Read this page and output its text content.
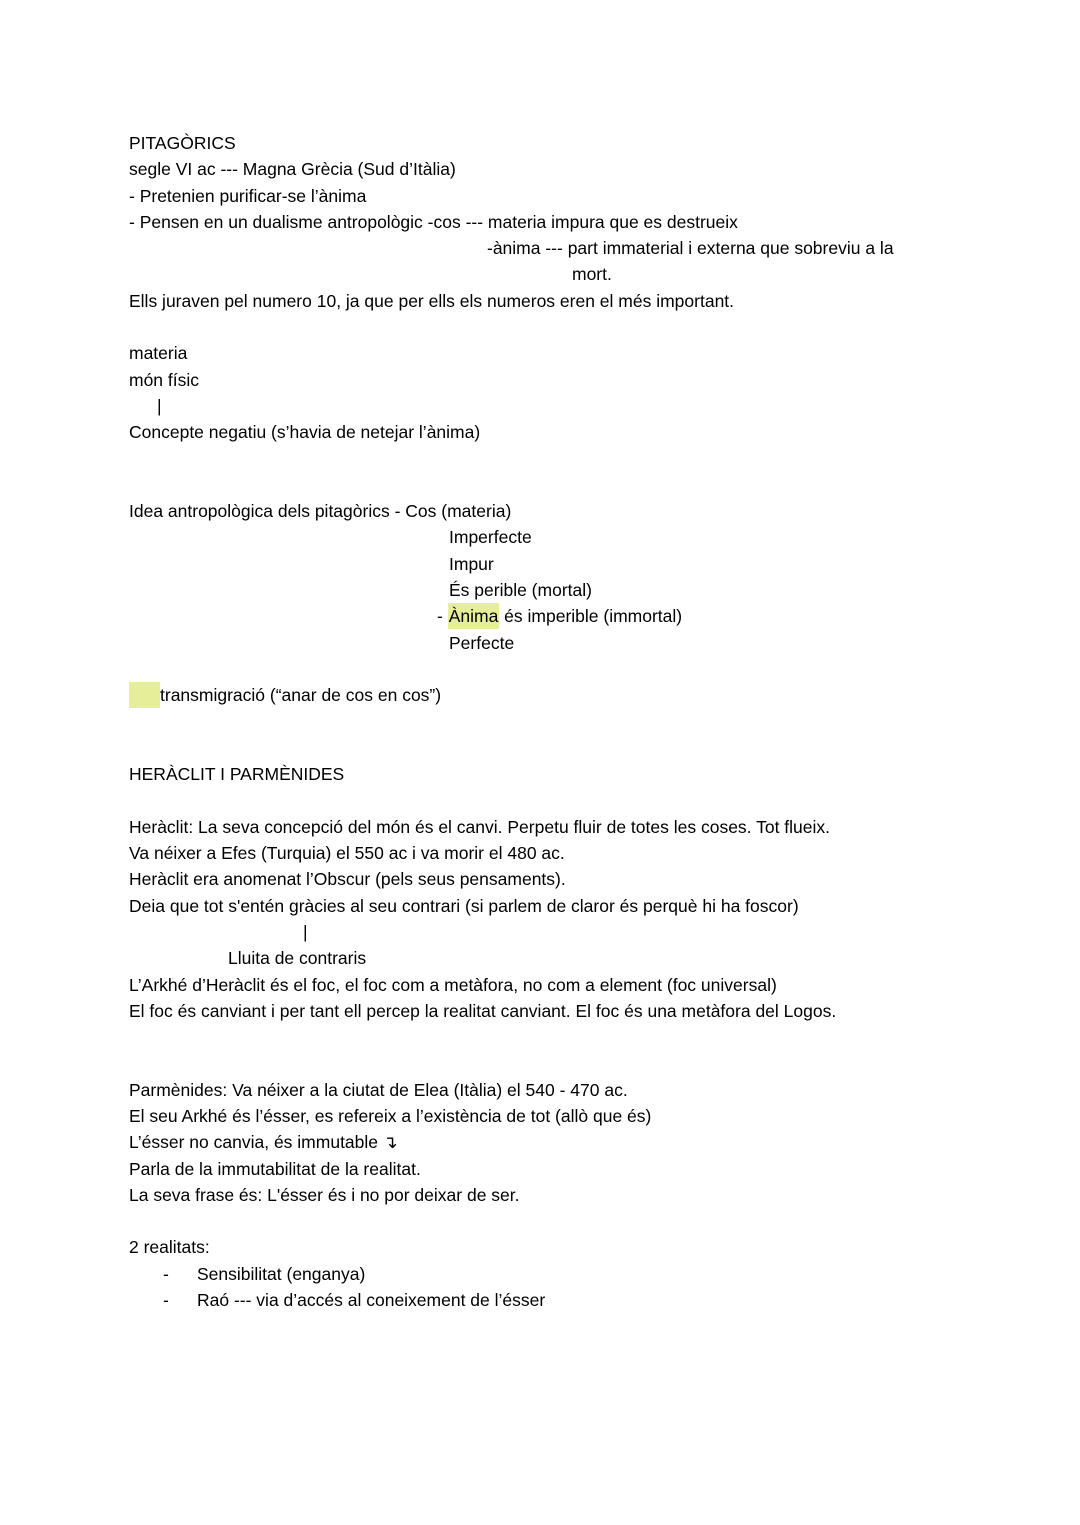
PITAGÒRICS
segle VI ac --- Magna Grècia (Sud d’Itàlia)
- Pretenien purificar-se l’ànima
- Pensen en un dualisme antropològic -cos --- materia impura que es destrueix
-ànima --- part immaterial i externa que sobreviu a la
mort.
Ells juraven pel numero 10, ja que per ells els numeros eren el més important.
materia
món físic
|
Concepte negatiu (s’havia de netejar l’ànima)
Idea antropològica dels pitagòrics - Cos (materia)
Imperfecte
Impur
És perible (mortal)
- Ànima és imperible (immortal)
Perfecte
transmigració (“anar de cos en cos”)
HERÀCLIT I PARMÈNIDES
Heràclit: La seva concepció del món és el canvi. Perpetu fluir de totes les coses. Tot flueix.
Va néixer a Efes (Turquia) el 550 ac i va morir el 480 ac.
Heràclit era anomenat l’Obscur (pels seus pensaments).
Deia que tot s'entén gràcies al seu contrari (si parlem de claror és perquè hi ha foscor)
|
Lluita de contraris
L’Arkhé d’Heràclit és el foc, el foc com a metàfora, no com a element (foc universal)
El foc és canviant i per tant ell percep la realitat canviant. El foc és una metàfora del Logos.
Parmènides: Va néixer a la ciutat de Elea (Itàlia) el 540 - 470 ac.
El seu Arkhé és l’ésser, es refereix a l’existència de tot (allò que és)
L’ésser no canvia, és immutable ↴
Parla de la immutabilitat de la realitat.
La seva frase és: L'ésser és i no por deixar de ser.
2 realitats:
- Sensibilitat (enganya)
- Raó --- via d’accés al coneixement de l’ésser
